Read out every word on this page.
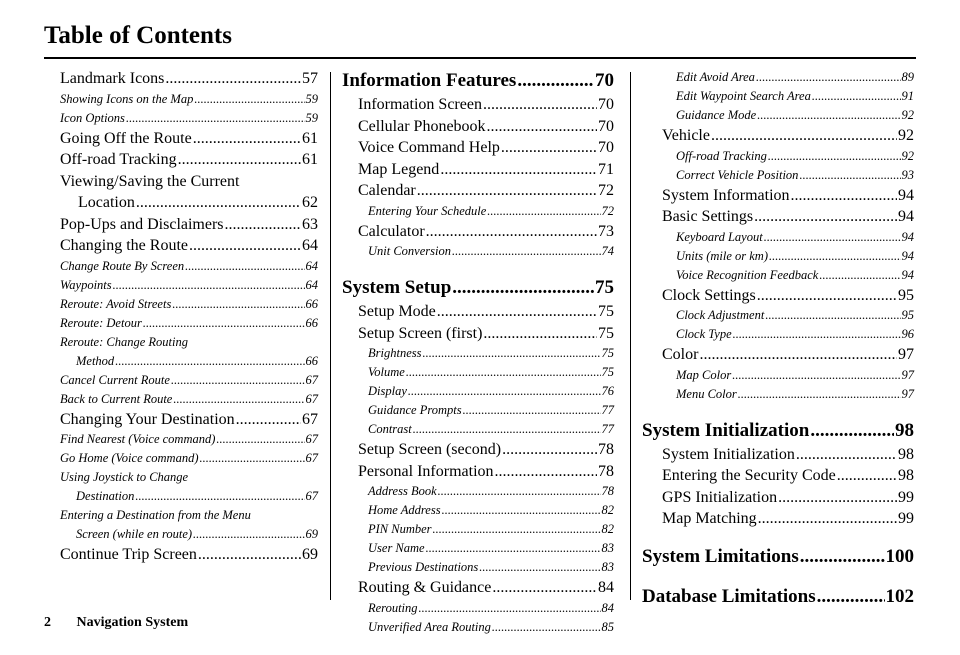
Table of Contents
Landmark Icons .....	57
Showing Icons on the Map .....	59
Icon Options .....	59
Going Off the Route .....	61
Off-road Tracking .....	61
Viewing/Saving the Current
Location .....	62
Pop-Ups and Disclaimers .....	63
Changing the Route .....	64
Change Route By Screen .....	64
Waypoints .....	64
Reroute: Avoid Streets .....	66
Reroute: Detour .....	66
Reroute: Change Routing
Method .....	66
Cancel Current Route .....	67
Back to Current Route .....	67
Changing Your Destination .....	67
Find Nearest (Voice command) .....	67
Go Home (Voice command) .....	67
Using Joystick to Change
Destination .....	67
Entering a Destination from the Menu
Screen (while en route) .....	69
Continue Trip Screen .....	69
Information Features .....	70
Information Screen .....	70
Cellular Phonebook .....	70
Voice Command Help .....	70
Map Legend .....	71
Calendar .....	72
Entering Your Schedule .....	72
Calculator .....	73
Unit Conversion .....	74
System Setup .....	75
Setup Mode .....	75
Setup Screen (first) .....	75
Brightness .....	75
Volume .....	75
Display .....	76
Guidance Prompts .....	77
Contrast .....	77
Setup Screen (second) .....	78
Personal Information .....	78
Address Book .....	78
Home Address .....	82
PIN Number .....	82
User Name .....	83
Previous Destinations .....	83
Routing & Guidance .....	84
Rerouting .....	84
Unverified Area Routing .....	85
Edit Avoid Area .....	89
Edit Waypoint Search Area .....	91
Guidance Mode .....	92
Vehicle .....	92
Off-road Tracking .....	92
Correct Vehicle Position .....	93
System Information .....	94
Basic Settings .....	94
Keyboard Layout .....	94
Units (mile or km) .....	94
Voice Recognition Feedback .....	94
Clock Settings .....	95
Clock Adjustment .....	95
Clock Type .....	96
Color .....	97
Map Color .....	97
Menu Color .....	97
System Initialization .....	98
System Initialization .....	98
Entering the Security Code .....	98
GPS Initialization .....	99
Map Matching .....	99
System Limitations .....	100
Database Limitations .....	102
2 Navigation System
